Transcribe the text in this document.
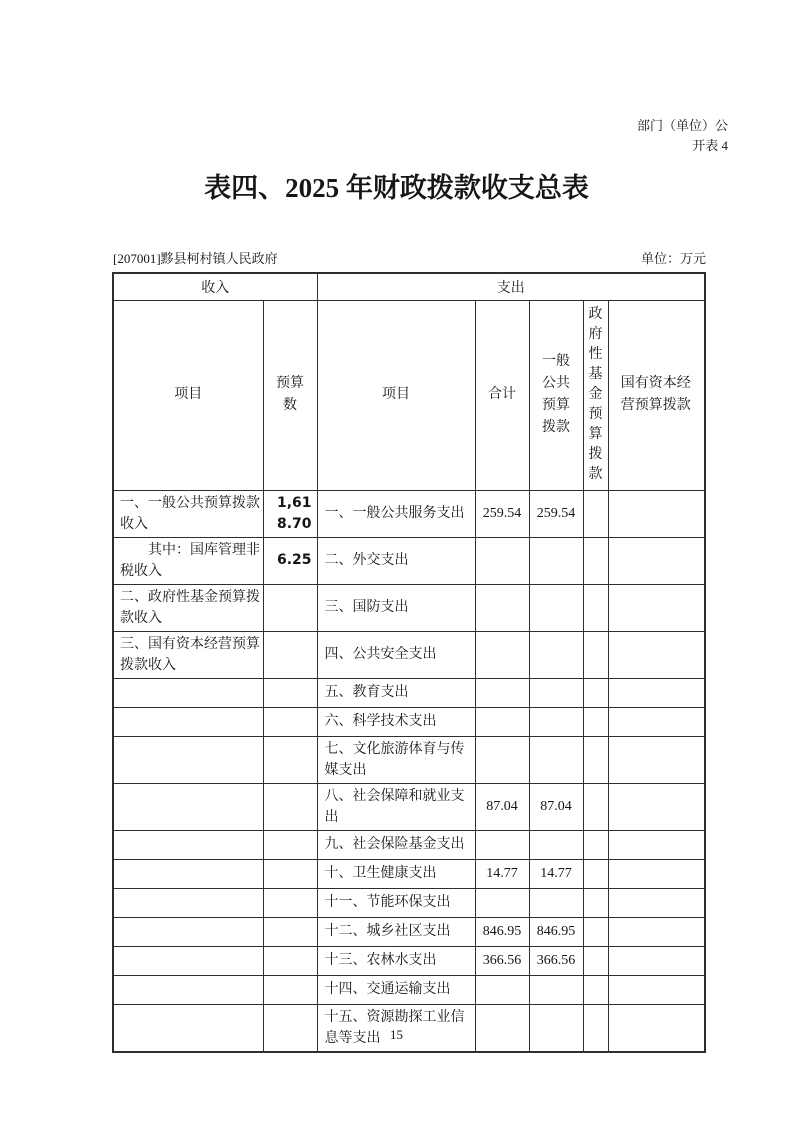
部门（单位）公
开表 4
表四、2025 年财政拨款收支总表
[207001]黟县柯村镇人民政府	单位：万元
收入		支出				
项目	预算数	项目	合计	一般公共预算拨款	政府性基金预算拨款	国有资本经营预算拨款
一、一般公共预算拨款收入	1,618.70	一、一般公共服务支出	259.54	259.54		
　　其中：国库管理非税收入	6.25	二、外交支出				
二、政府性基金预算拨款收入		三、国防支出				
三、国有资本经营预算拨款收入		四、公共安全支出				
		五、教育支出				
		六、科学技术支出				
		七、文化旅游体育与传媒支出				
		八、社会保障和就业支出	87.04	87.04		
		九、社会保险基金支出				
		十、卫生健康支出	14.77	14.77		
		十一、节能环保支出				
		十二、城乡社区支出	846.95	846.95		
		十三、农林水支出	366.56	366.56		
		十四、交通运输支出				
		十五、资源勘探工业信息等支出				15
